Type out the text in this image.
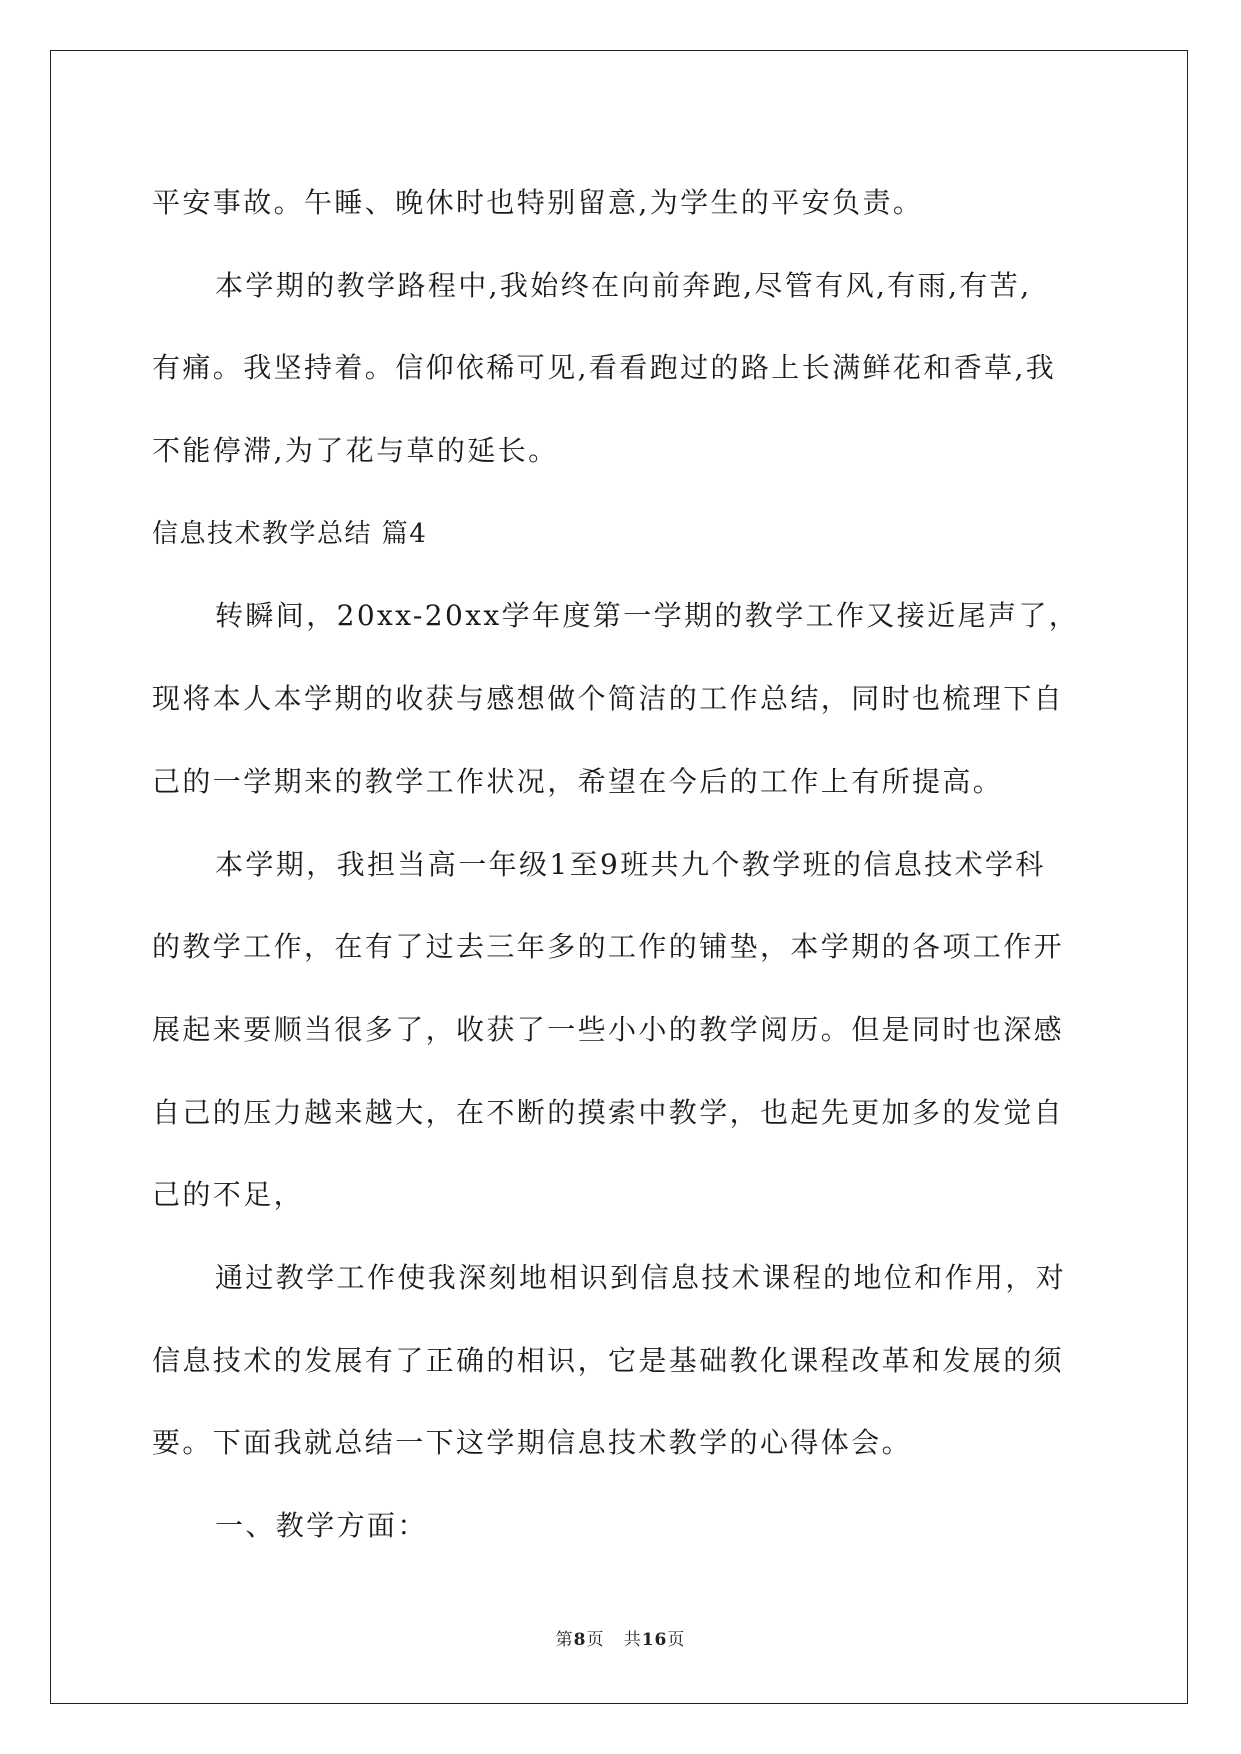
平安事故。午睡、晚休时也特别留意,为学生的平安负责。
本学期的教学路程中,我始终在向前奔跑,尽管有风,有雨,有苦,
有痛。我坚持着。信仰依稀可见,看看跑过的路上长满鲜花和香草,我
不能停滞,为了花与草的延长。
信息技术教学总结 篇4
转瞬间，20xx-20xx学年度第一学期的教学工作又接近尾声了，
现将本人本学期的收获与感想做个简洁的工作总结，同时也梳理下自
己的一学期来的教学工作状况，希望在今后的工作上有所提高。
本学期，我担当高一年级1至9班共九个教学班的信息技术学科
的教学工作，在有了过去三年多的工作的铺垫，本学期的各项工作开
展起来要顺当很多了，收获了一些小小的教学阅历。但是同时也深感
自己的压力越来越大，在不断的摸索中教学，也起先更加多的发觉自
己的不足，
通过教学工作使我深刻地相识到信息技术课程的地位和作用，对
信息技术的发展有了正确的相识，它是基础教化课程改革和发展的须
要。下面我就总结一下这学期信息技术教学的心得体会。
一、教学方面：
第8页 共16页
